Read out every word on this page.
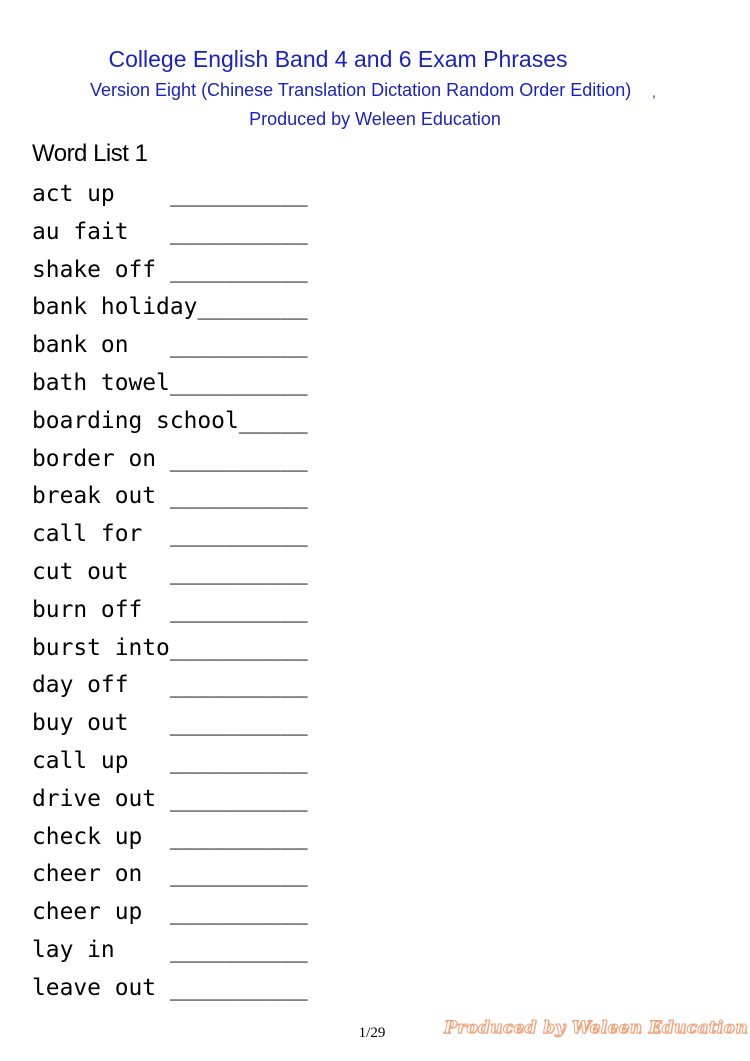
College English Band 4 and 6 Exam Phrases
Version Eight (Chinese Translation Dictation Random Order Edition)	,
Produced by Weleen Education
Word List 1
act up    __________
au fait   __________
shake off __________
bank holiday________
bank on   __________
bath towel__________
boarding school_____
border on __________
break out __________
call for  __________
cut out   __________
burn off  __________
burst into__________
day off   __________
buy out   __________
call up   __________
drive out __________
check up  __________
cheer on  __________
cheer up  __________
lay in    __________
leave out __________
1/29	Produced by Weleen Education
